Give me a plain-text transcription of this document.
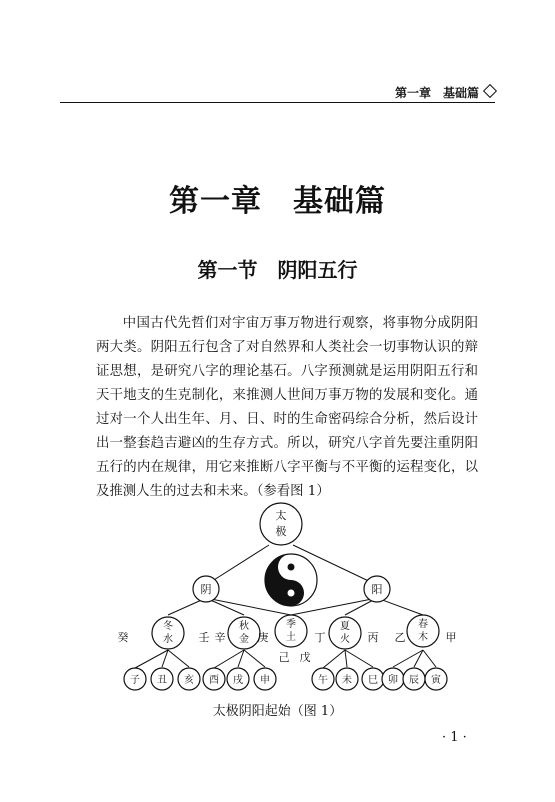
第一章　基础篇
第一章　基础篇
第一节　阴阳五行
中国古代先哲们对宇宙万事万物进行观察，将事物分成阴阳两大类。阴阳五行包含了对自然界和人类社会一切事物认识的辩证思想，是研究八字的理论基石。八字预测就是运用阴阳五行和天干地支的生克制化，来推测人世间万事万物的发展和变化。通过对一个人出生年、月、日、时的生命密码综合分析，然后设计出一整套趋吉避凶的生存方式。所以，研究八字首先要注重阴阳五行的内在规律，用它来推断八字平衡与不平衡的运程变化，以及推测人生的过去和未来。（参看图 1）
太
极
阴	阳
冬
水
秋
金
季
土
夏
火
春
木
癸	壬 辛	庚	丁	丙 乙	甲
己 戊
子 丑 亥 酉 戌 申	午 未 巳 卯 辰 寅
太极阴阳起始（图 1）
· 1 ·
